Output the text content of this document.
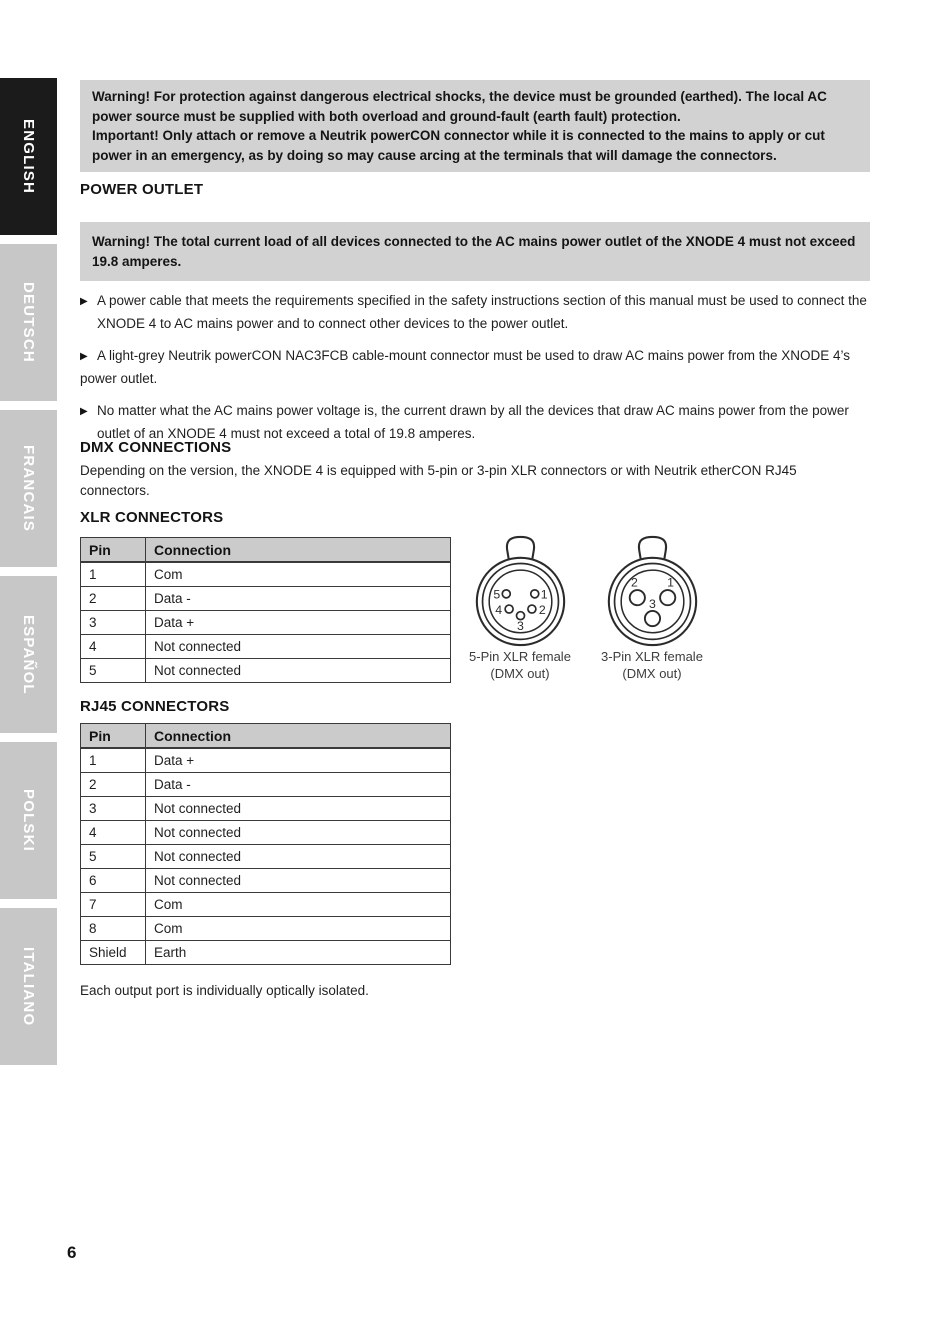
ENGLISH
DEUTSCH
FRANCAIS
ESPAÑOL
POLSKI
ITALIANO
Warning! For protection against dangerous electrical shocks, the device must be grounded (earthed). The local AC power source must be supplied with both overload and ground-fault (earth fault) protection.
Important! Only attach or remove a Neutrik powerCON connector while it is connected to the mains to apply or cut power in an emergency, as by doing so may cause arcing at the terminals that will damage the connectors.
POWER OUTLET
Warning! The total current load of all devices connected to the AC mains power outlet of the XNODE 4 must not exceed 19.8 amperes.
▶ A power cable that meets the requirements specified in the safety instructions section of this manual must be used to connect the XNODE 4 to AC mains power and to connect other devices to the power outlet.
▶ A light-grey Neutrik powerCON NAC3FCB cable-mount connector must be used to draw AC mains power from the XNODE 4’s power outlet.
▶ No matter what the AC mains power voltage is, the current drawn by all the devices that draw AC mains power from the power outlet of an XNODE 4 must not exceed a total of 19.8 amperes.
DMX CONNECTIONS
Depending on the version, the XNODE 4 is equipped with 5-pin or 3-pin XLR connectors or with Neutrik etherCON RJ45 connectors.
XLR CONNECTORS
Pin	Connection
1	Com
2	Data -
3	Data +
4	Not connected
5	Not connected
5	1
4	2
3
5-Pin XLR female
(DMX out)
2 1
3
3-Pin XLR female
(DMX out)
RJ45 CONNECTORS
Pin	Connection
1	Data +
2	Data -
3	Not connected
4	Not connected
5	Not connected
6	Not connected
7	Com
8	Com
Shield	Earth
Each output port is individually optically isolated.
6
